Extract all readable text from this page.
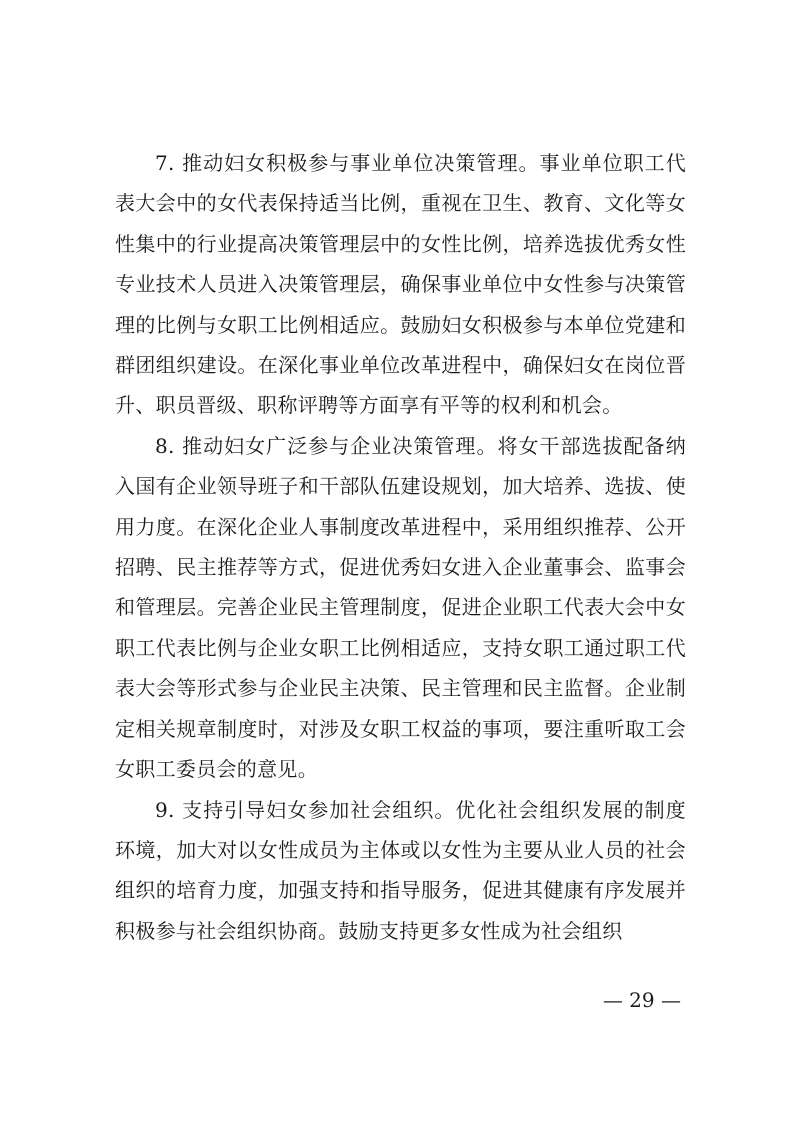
7. 推动妇女积极参与事业单位决策管理。事业单位职工代表大会中的女代表保持适当比例，重视在卫生、教育、文化等女性集中的行业提高决策管理层中的女性比例，培养选拔优秀女性专业技术人员进入决策管理层，确保事业单位中女性参与决策管理的比例与女职工比例相适应。鼓励妇女积极参与本单位党建和群团组织建设。在深化事业单位改革进程中，确保妇女在岗位晋升、职员晋级、职称评聘等方面享有平等的权利和机会。

8. 推动妇女广泛参与企业决策管理。将女干部选拔配备纳入国有企业领导班子和干部队伍建设规划，加大培养、选拔、使用力度。在深化企业人事制度改革进程中，采用组织推荐、公开招聘、民主推荐等方式，促进优秀妇女进入企业董事会、监事会和管理层。完善企业民主管理制度，促进企业职工代表大会中女职工代表比例与企业女职工比例相适应，支持女职工通过职工代表大会等形式参与企业民主决策、民主管理和民主监督。企业制定相关规章制度时，对涉及女职工权益的事项，要注重听取工会女职工委员会的意见。

9. 支持引导妇女参加社会组织。优化社会组织发展的制度环境，加大对以女性成员为主体或以女性为主要从业人员的社会组织的培育力度，加强支持和指导服务，促进其健康有序发展并积极参与社会组织协商。鼓励支持更多女性成为社会组织

— 29 —
